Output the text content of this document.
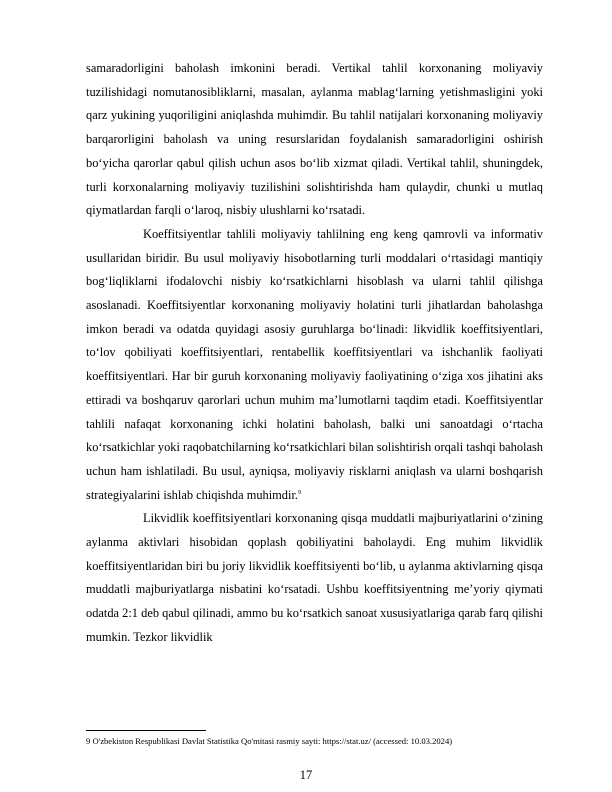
samaradorligini baholash imkonini beradi. Vertikal tahlil korxonaning moliyaviy tuzilishidagi nomutanosibliklarni, masalan, aylanma mablag‘larning yetishmasligini yoki qarz yukining yuqoriligini aniqlashda muhimdir. Bu tahlil natijalari korxonaning moliyaviy barqarorligini baholash va uning resurslaridan foydalanish samaradorligini oshirish bo‘yicha qarorlar qabul qilish uchun asos bo‘lib xizmat qiladi. Vertikal tahlil, shuningdek, turli korxonalarning moliyaviy tuzilishini solishtirishda ham qulaydir, chunki u mutlaq qiymatlardan farqli o‘laroq, nisbiy ulushlarni ko‘rsatadi.

Koeffitsiyentlar tahlili moliyaviy tahlilning eng keng qamrovli va informativ usullaridan biridir. Bu usul moliyaviy hisobotlarning turli moddalari o‘rtasidagi mantiqiy bog‘liqliklarni ifodalovchi nisbiy ko‘rsatkichlarni hisoblash va ularni tahlil qilishga asoslanadi. Koeffitsiyentlar korxonaning moliyaviy holatini turli jihatlardan baholashga imkon beradi va odatda quyidagi asosiy guruhlarga bo‘linadi: likvidlik koeffitsiyentlari, to‘lov qobiliyati koeffitsiyentlari, rentabellik koeffitsiyentlari va ishchanlik faoliyati koeffitsiyentlari. Har bir guruh korxonaning moliyaviy faoliyatining o‘ziga xos jihatini aks ettiradi va boshqaruv qarorlari uchun muhim ma’lumotlarni taqdim etadi. Koeffitsiyentlar tahlili nafaqat korxonaning ichki holatini baholash, balki uni sanoatdagi o‘rtacha ko‘rsatkichlar yoki raqobatchilarning ko‘rsatkichlari bilan solishtirish orqali tashqi baholash uchun ham ishlatiladi. Bu usul, ayniqsa, moliyaviy risklarni aniqlash va ularni boshqarish strategiyalarini ishlab chiqishda muhimdir.$^9$

Likvidlik koeffitsiyentlari korxonaning qisqa muddatli majburiyatlarini o‘zining aylanma aktivlari hisobidan qoplash qobiliyatini baholaydi. Eng muhim likvidlik koeffitsiyentlaridan biri bu joriy likvidlik koeffitsiyenti bo‘lib, u aylanma aktivlarning qisqa muddatli majburiyatlarga nisbatini ko‘rsatadi. Ushbu koeffitsiyentning me’yoriy qiymati odatda 2:1 deb qabul qilinadi, ammo bu ko‘rsatkich sanoat xususiyatlariga qarab farq qilishi mumkin. Tezkor likvidlik

9 O'zbekiston Respublikasi Davlat Statistika Qo'mitasi rasmiy sayti: https://stat.uz/ (accessed: 10.03.2024)
17
